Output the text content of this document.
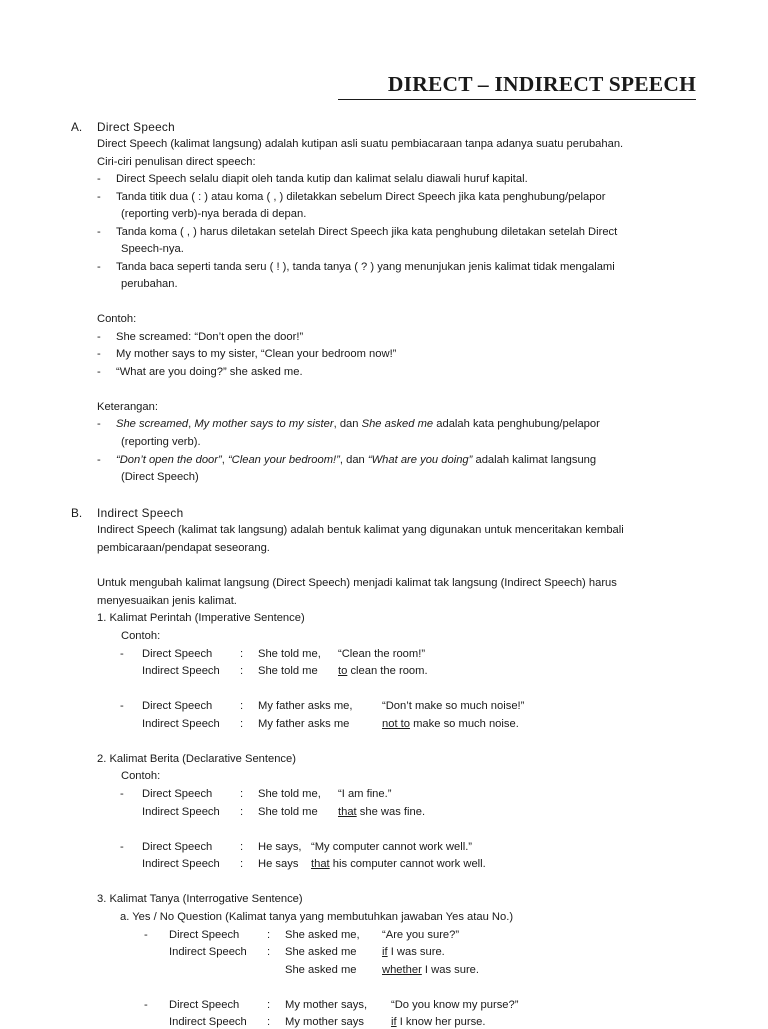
DIRECT – INDIRECT SPEECH
A. Direct Speech
Direct Speech (kalimat langsung) adalah kutipan asli suatu pembiacaraan tanpa adanya suatu perubahan.
Ciri-ciri penulisan direct speech:
- Direct Speech selalu diapit oleh tanda kutip dan kalimat selalu diawali huruf kapital.
- Tanda titik dua ( : ) atau koma ( , ) diletakkan sebelum Direct Speech jika kata penghubung/pelapor
(reporting verb)-nya berada di depan.
- Tanda koma ( , ) harus diletakan setelah Direct Speech jika kata penghubung diletakan setelah Direct
Speech-nya.
- Tanda baca seperti tanda seru ( ! ), tanda tanya ( ? ) yang menunjukan jenis kalimat tidak mengalami
perubahan.
Contoh:
- She screamed: “Don’t open the door!”
- My mother says to my sister, “Clean your bedroom now!”
- “What are you doing?” she asked me.
Keterangan:
- She screamed, My mother says to my sister, dan She asked me adalah kata penghubung/pelapor
(reporting verb).
- “Don’t open the door”, “Clean your bedroom!”, dan “What are you doing” adalah kalimat langsung
(Direct Speech)
B. Indirect Speech
Indirect Speech (kalimat tak langsung) adalah bentuk kalimat yang digunakan untuk menceritakan kembali
pembicaraan/pendapat seseorang.
Untuk mengubah kalimat langsung (Direct Speech) menjadi kalimat tak langsung (Indirect Speech) harus
menyesuaikan jenis kalimat.
1. Kalimat Perintah (Imperative Sentence)
Contoh:
- Direct Speech : She told me, “Clean the room!”
Indirect Speech : She told me to clean the room.
- Direct Speech : My father asks me,	“Don’t make so much noise!”
Indirect Speech : My father asks me	not to make so much noise.
2. Kalimat Berita (Declarative Sentence)
Contoh:
- Direct Speech : She told me, “I am fine.”
Indirect Speech : She told me that she was fine.
- Direct Speech : He says, “My computer cannot work well.”
Indirect Speech : He says that his computer cannot work well.
3. Kalimat Tanya (Interrogative Sentence)
a. Yes / No Question (Kalimat tanya yang membutuhkan jawaban Yes atau No.)
- Direct Speech : She asked me, “Are you sure?”
Indirect Speech : She asked me if I was sure.
She asked me whether I was sure.
- Direct Speech : My mother says, “Do you know my purse?”
Indirect Speech : My mother says if I know her purse.
